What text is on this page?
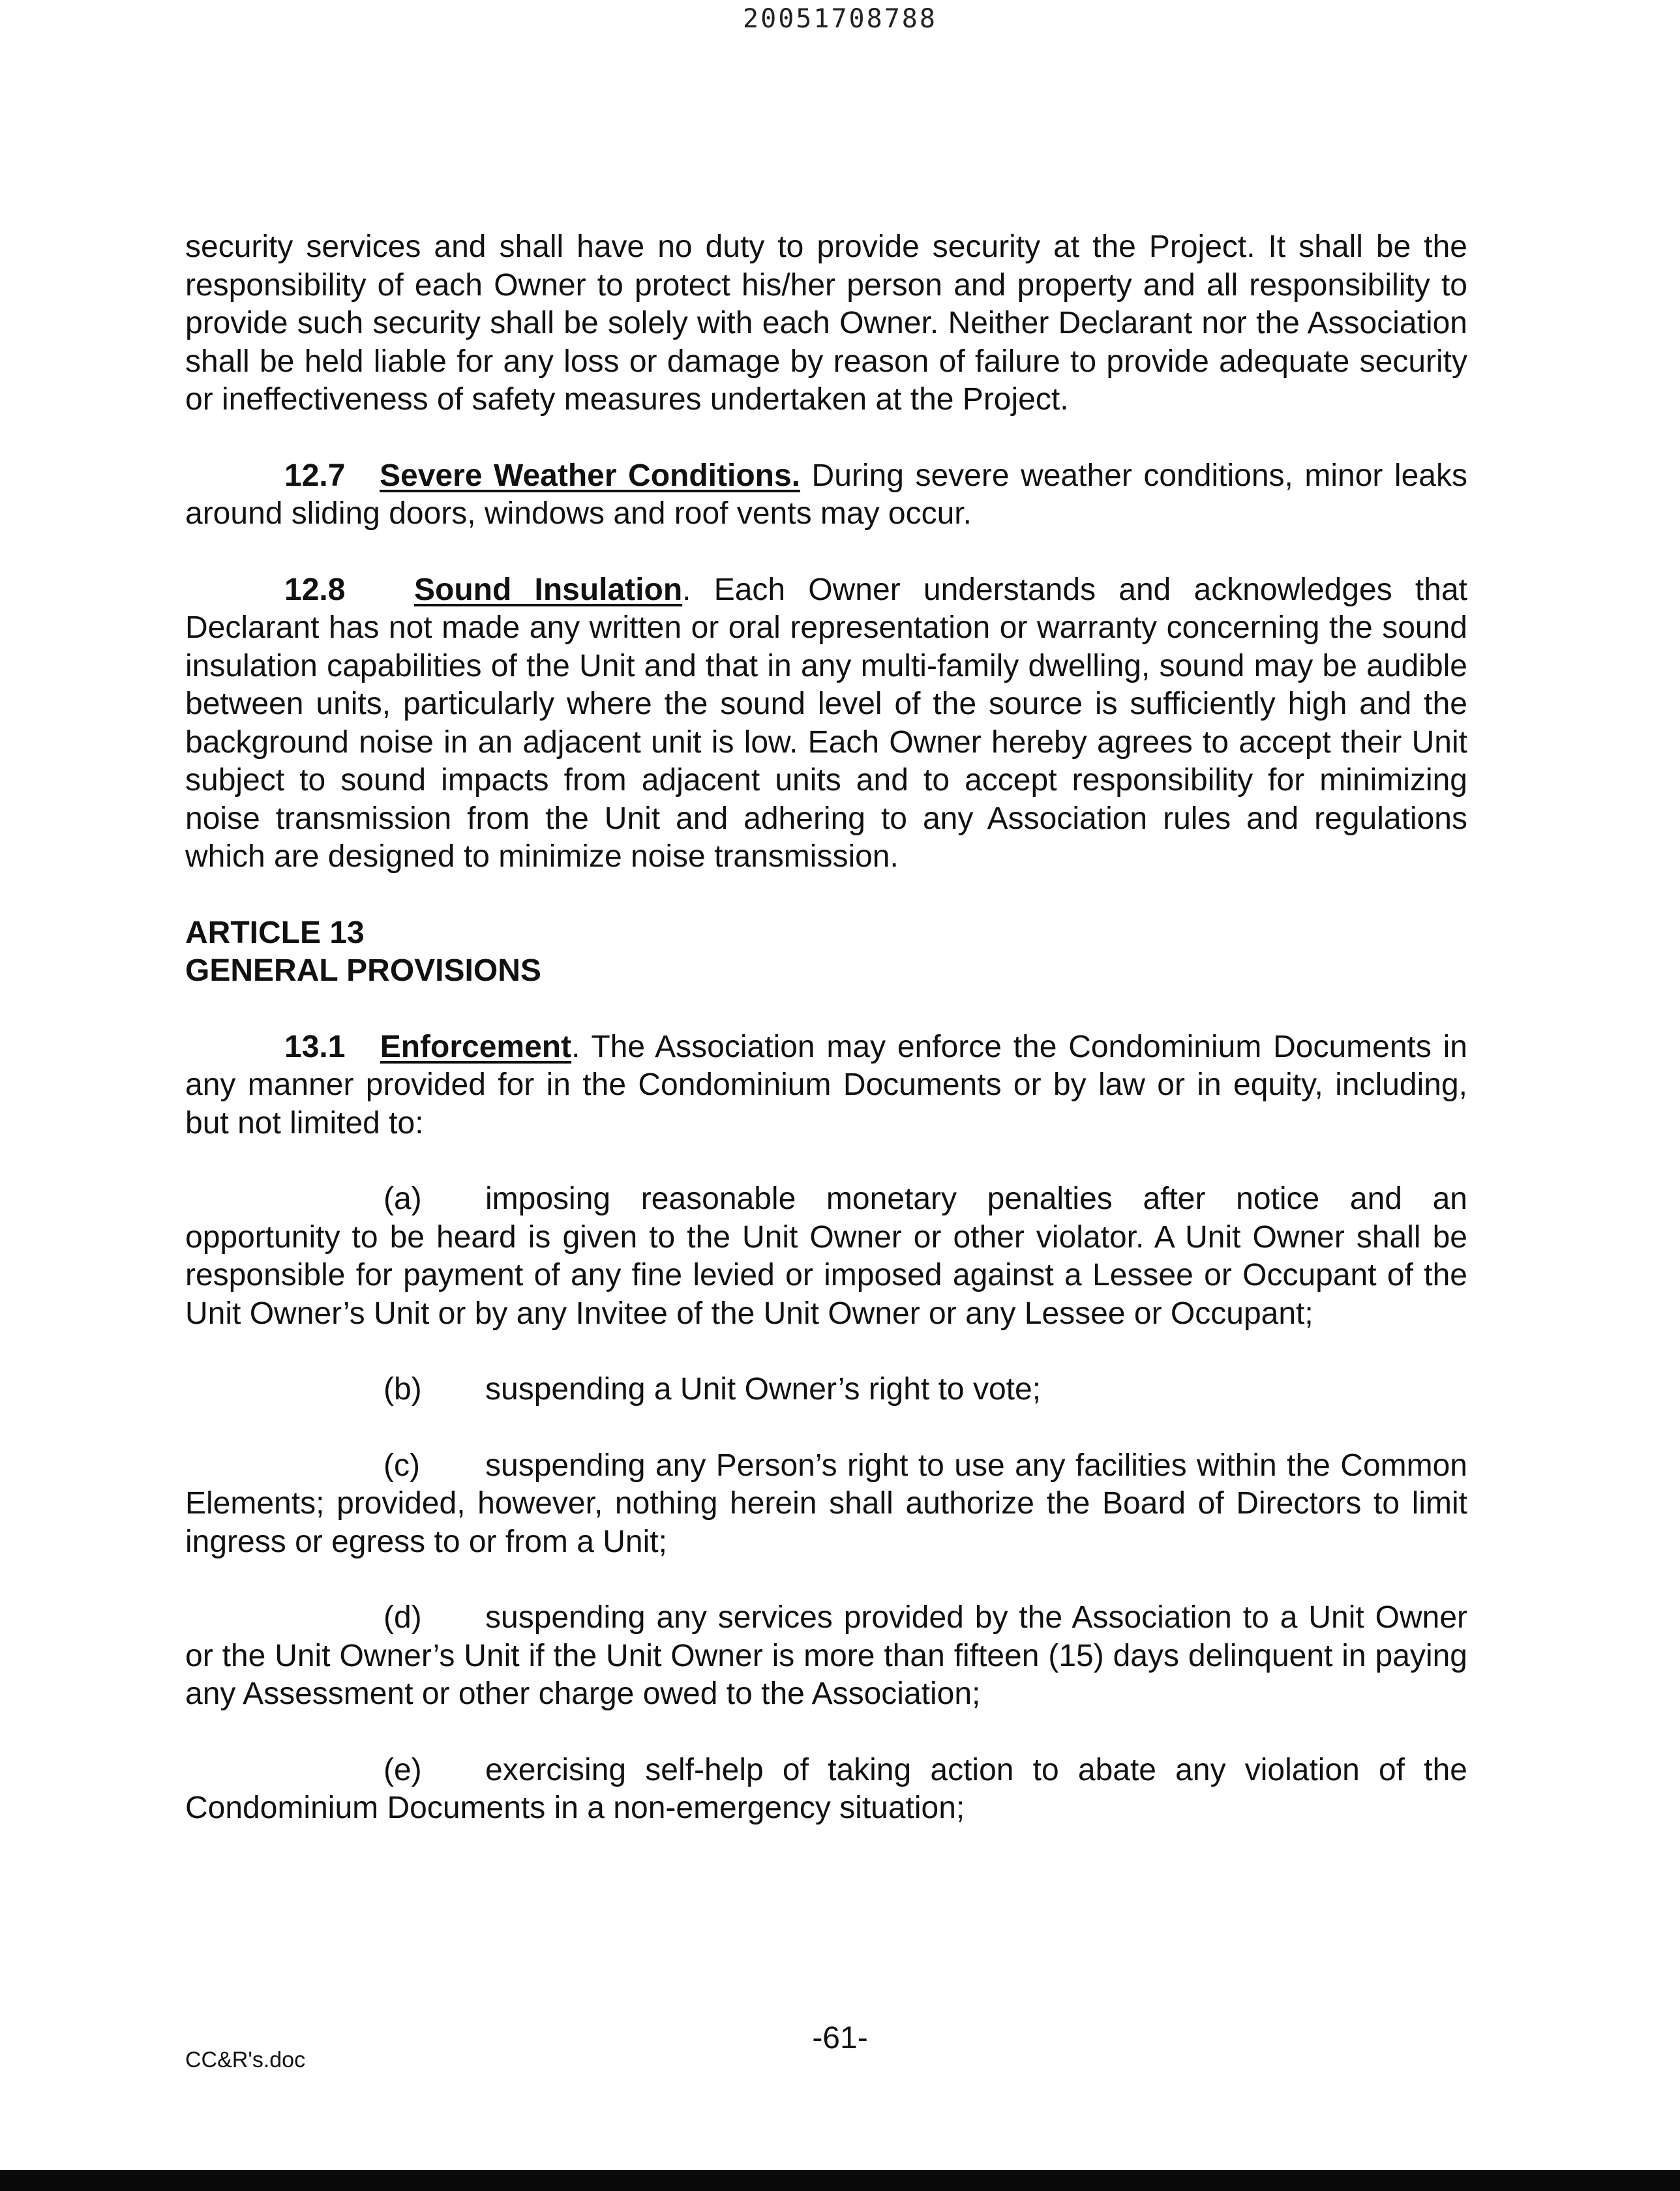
20051708788

security services and shall have no duty to provide security at the Project. It shall be the responsibility of each Owner to protect his/her person and property and all responsibility to provide such security shall be solely with each Owner. Neither Declarant nor the Association shall be held liable for any loss or damage by reason of failure to provide adequate security or ineffectiveness of safety measures undertaken at the Project.

12.7 Severe Weather Conditions. During severe weather conditions, minor leaks around sliding doors, windows and roof vents may occur.

12.8 Sound Insulation. Each Owner understands and acknowledges that Declarant has not made any written or oral representation or warranty concerning the sound insulation capabilities of the Unit and that in any multi-family dwelling, sound may be audible between units, particularly where the sound level of the source is sufficiently high and the background noise in an adjacent unit is low. Each Owner hereby agrees to accept their Unit subject to sound impacts from adjacent units and to accept responsibility for minimizing noise transmission from the Unit and adhering to any Association rules and regulations which are designed to minimize noise transmission.

ARTICLE 13

GENERAL PROVISIONS

13.1 Enforcement. The Association may enforce the Condominium Documents in any manner provided for in the Condominium Documents or by law or in equity, including, but not limited to:

(a) imposing reasonable monetary penalties after notice and an opportunity to be heard is given to the Unit Owner or other violator. A Unit Owner shall be responsible for payment of any fine levied or imposed against a Lessee or Occupant of the Unit Owner’s Unit or by any Invitee of the Unit Owner or any Lessee or Occupant;

(b) suspending a Unit Owner’s right to vote;

(c) suspending any Person’s right to use any facilities within the Common Elements; provided, however, nothing herein shall authorize the Board of Directors to limit ingress or egress to or from a Unit;

(d) suspending any services provided by the Association to a Unit Owner or the Unit Owner’s Unit if the Unit Owner is more than fifteen (15) days delinquent in paying any Assessment or other charge owed to the Association;

(e) exercising self-help of taking action to abate any violation of the Condominium Documents in a non-emergency situation;

-61-
CC&R's.doc
